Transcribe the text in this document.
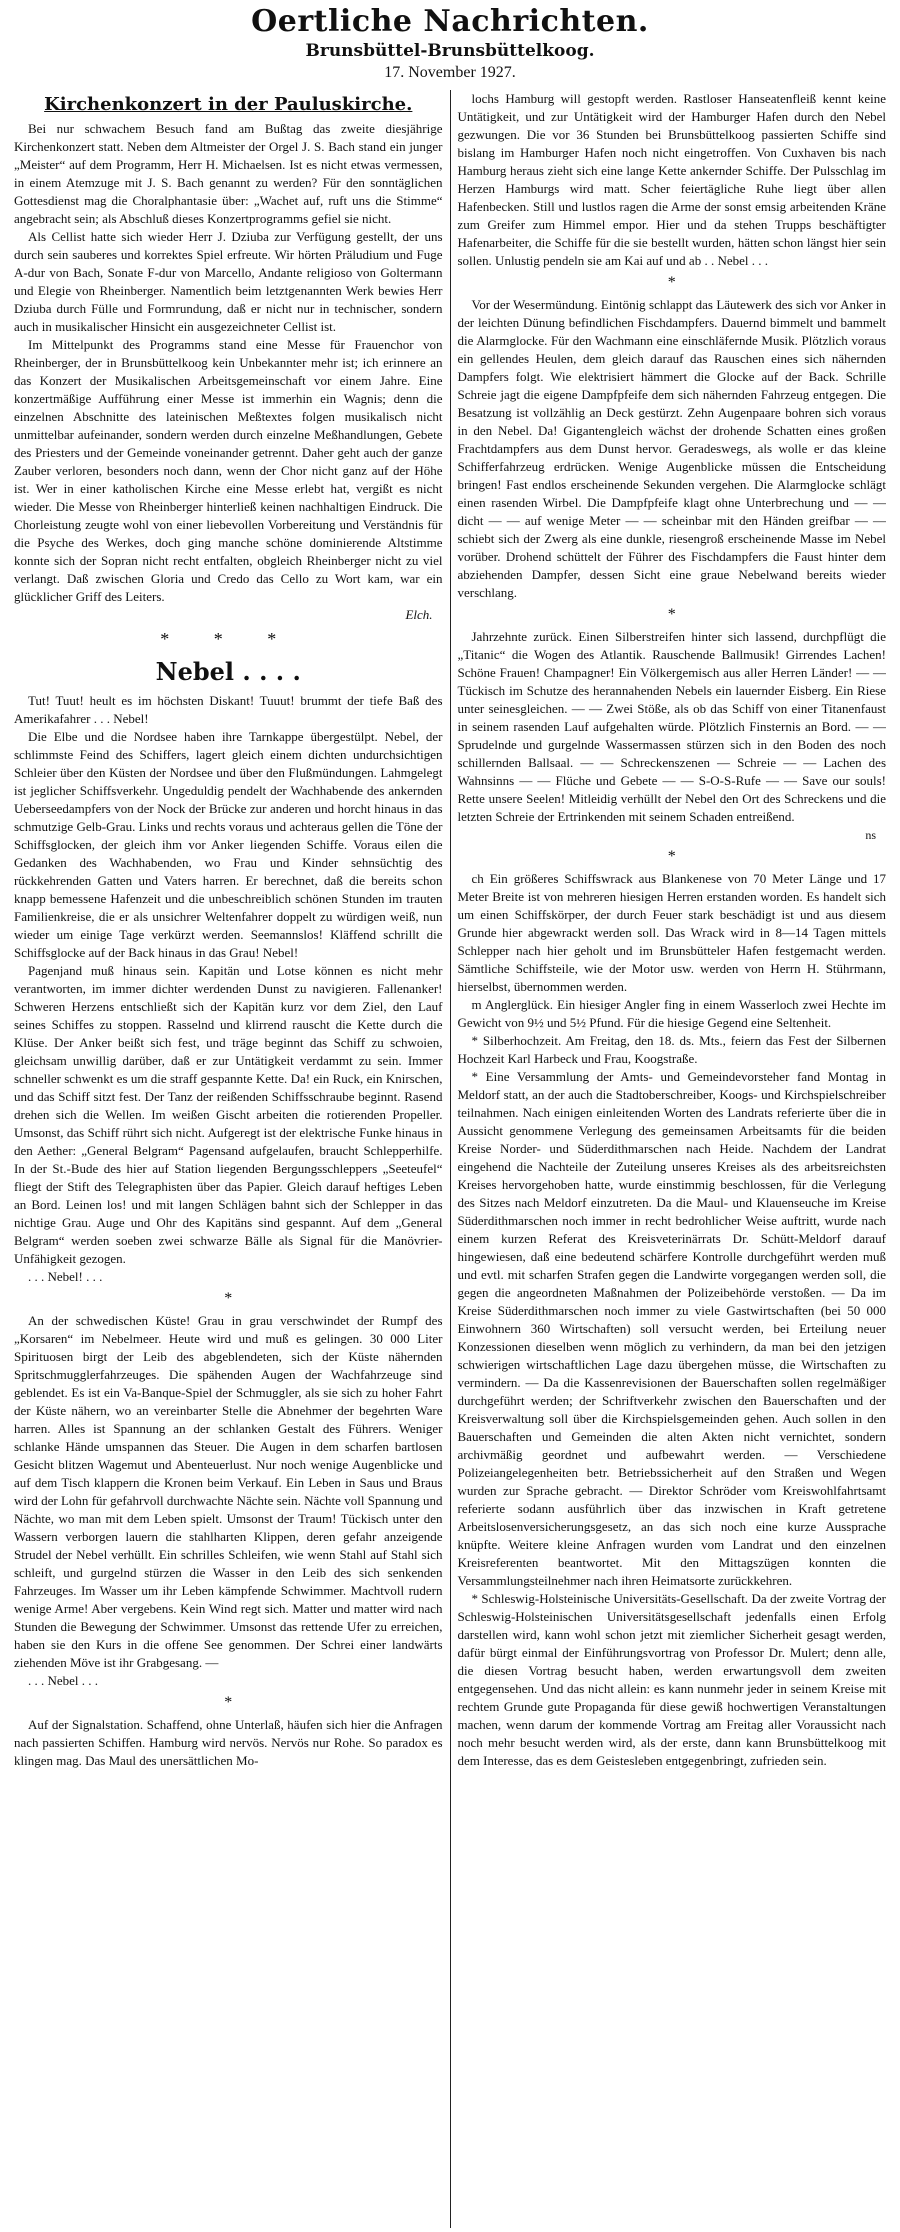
Oertliche Nachrichten.
Brunsbüttel-Brunsbüttelkoog.
17. November 1927.
Kirchenkonzert in der Pauluskirche.

Bei nur schwachem Besuch fand am Bußtag das zweite diesjährige Kirchenkonzert statt. Neben dem Altmeister der Orgel J. S. Bach stand ein junger „Meister“ auf dem Programm, Herr H. Michaelsen. Ist es nicht etwas vermessen, in einem Atemzuge mit J. S. Bach genannt zu werden? Für den sonntäglichen Gottesdienst mag die Choralphantasie über: „Wachet auf, ruft uns die Stimme“ angebracht sein; als Abschluß dieses Konzertprogramms gefiel sie nicht.

Als Cellist hatte sich wieder Herr J. Dziuba zur Verfügung gestellt, der uns durch sein sauberes und korrektes Spiel erfreute. Wir hörten Präludium und Fuge A-dur von Bach, Sonate F-dur von Marcello, Andante religioso von Goltermann und Elegie von Rheinberger. Namentlich beim letztgenannten Werk bewies Herr Dziuba durch Fülle und Formrundung, daß er nicht nur in technischer, sondern auch in musikalischer Hinsicht ein ausgezeichneter Cellist ist.

Im Mittelpunkt des Programms stand eine Messe für Frauenchor von Rheinberger, der in Brunsbüttelkoog kein Unbekannter mehr ist; ich erinnere an das Konzert der Musikalischen Arbeitsgemeinschaft vor einem Jahre. Eine konzertmäßige Aufführung einer Messe ist immerhin ein Wagnis; denn die einzelnen Abschnitte des lateinischen Meßtextes folgen musikalisch nicht unmittelbar aufeinander, sondern werden durch einzelne Meßhandlungen, Gebete des Priesters und der Gemeinde voneinander getrennt. Daher geht auch der ganze Zauber verloren, besonders noch dann, wenn der Chor nicht ganz auf der Höhe ist. Wer in einer katholischen Kirche eine Messe erlebt hat, vergißt es nicht wieder. Die Messe von Rheinberger hinterließ keinen nachhaltigen Eindruck. Die Chorleistung zeugte wohl von einer liebevollen Vorbereitung und Verständnis für die Psyche des Werkes, doch ging manche schöne dominierende Altstimme konnte sich der Sopran nicht recht entfalten, obgleich Rheinberger nicht zu viel verlangt. Daß zwischen Gloria und Credo das Cello zu Wort kam, war ein glücklicher Griff des Leiters.

Elch.
* * *
Nebel . . . .

Tut! Tuut! heult es im höchsten Diskant! Tuuut! brummt der tiefe Baß des Amerikafahrer . . . Nebel!

Die Elbe und die Nordsee haben ihre Tarnkappe übergestülpt. Nebel, der schlimmste Feind des Schiffers, lagert gleich einem dichten undurchsichtigen Schleier über den Küsten der Nordsee und über den Flußmündungen. Lahmgelegt ist jeglicher Schiffsverkehr. Ungeduldig pendelt der Wachhabende des ankernden Ueberseedampfers von der Nock der Brücke zur anderen und horcht hinaus in das schmutzige Gelb-Grau. Links und rechts voraus und achteraus gellen die Töne der Schiffsglocken, der gleich ihm vor Anker liegenden Schiffe. Voraus eilen die Gedanken des Wachhabenden, wo Frau und Kinder sehnsüchtig des rückkehrenden Gatten und Vaters harren. Er berechnet, daß die bereits schon knapp bemessene Hafenzeit und die unbeschreiblich schönen Stunden im trauten Familienkreise, die er als unsichrer Weltenfahrer doppelt zu würdigen weiß, nun wieder um einige Tage verkürzt werden. Seemannslos! Kläffend schrillt die Schiffsglocke auf der Back hinaus in das Grau! Nebel!

Pagenjand muß hinaus sein. Kapitän und Lotse können es nicht mehr verantworten, im immer dichter werdenden Dunst zu navigieren. Fallenanker! Schweren Herzens entschließt sich der Kapitän kurz vor dem Ziel, den Lauf seines Schiffes zu stoppen. Rasselnd und klirrend rauscht die Kette durch die Klüse. Der Anker beißt sich fest, und träge beginnt das Schiff zu schwoien, gleichsam unwillig darüber, daß er zur Untätigkeit verdammt zu sein. Immer schneller schwenkt es um die straff gespannte Kette. Da! ein Ruck, ein Knirschen, und das Schiff sitzt fest. Der Tanz der reißenden Schiffsschraube beginnt. Rasend drehen sich die Wellen. Im weißen Gischt arbeiten die rotierenden Propeller. Umsonst, das Schiff rührt sich nicht. Aufgeregt ist der elektrische Funke hinaus in den Aether: „General Belgram“ Pagensand aufgelaufen, braucht Schlepperhilfe. In der St.-Bude des hier auf Station liegenden Bergungsschleppers „Seeteufel“ fliegt der Stift des Telegraphisten über das Papier. Gleich darauf heftiges Leben an Bord. Leinen los! und mit langen Schlägen bahnt sich der Schlepper in das nichtige Grau. Auge und Ohr des Kapitäns sind gespannt. Auf dem „General Belgram“ werden soeben zwei schwarze Bälle als Signal für die Manövrier-Unfähigkeit gezogen.

. . . Nebel! . . .

*

An der schwedischen Küste! Grau in grau verschwindet der Rumpf des „Korsaren“ im Nebelmeer. Heute wird und muß es gelingen. 30 000 Liter Spirituosen birgt der Leib des abgeblendeten, sich der Küste nähernden Spritschmugglerfahrzeuges. Die spähenden Augen der Wachfahrzeuge sind geblendet. Es ist ein Va-Banque-Spiel der Schmuggler, als sie sich zu hoher Fahrt der Küste nähern, wo an vereinbarter Stelle die Abnehmer der begehrten Ware harren. Alles ist Spannung an der schlanken Gestalt des Führers. Weniger schlanke Hände umspannen das Steuer. Die Augen in dem scharfen bartlosen Gesicht blitzen Wagemut und Abenteuerlust. Nur noch wenige Augenblicke und auf dem Tisch klappern die Kronen beim Verkauf. Ein Leben in Saus und Braus wird der Lohn für gefahrvoll durchwachte Nächte sein. Nächte voll Spannung und Nächte, wo man mit dem Leben spielt. Umsonst der Traum! Tückisch unter den Wassern verborgen lauern die stahlharten Klippen, deren gefahr anzeigende Strudel der Nebel verhüllt. Ein schrilles Schleifen, wie wenn Stahl auf Stahl sich schleift, und gurgelnd stürzen die Wasser in den Leib des sich senkenden Fahrzeuges. Im Wasser um ihr Leben kämpfende Schwimmer. Machtvoll rudern wenige Arme! Aber vergebens. Kein Wind regt sich. Matter und matter wird nach Stunden die Bewegung der Schwimmer. Umsonst das rettende Ufer zu erreichen, haben sie den Kurs in die offene See genommen. Der Schrei einer landwärts ziehenden Möve ist ihr Grabgesang. —

. . . Nebel . . .

*

Auf der Signalstation. Schaffend, ohne Unterlaß, häufen sich hier die Anfragen nach passierten Schiffen. Hamburg wird nervös. Nervös nur Rohe. So paradox es klingen mag. Das Maul des unersättlichen Mo-

lochs Hamburg will gestopft werden. Rastloser Hanseatenfleiß kennt keine Untätigkeit, und zur Untätigkeit wird der Hamburger Hafen durch den Nebel gezwungen. Die vor 36 Stunden bei Brunsbüttelkoog passierten Schiffe sind bislang im Hamburger Hafen noch nicht eingetroffen. Von Cuxhaven bis nach Hamburg heraus zieht sich eine lange Kette ankernder Schiffe. Der Pulsschlag im Herzen Hamburgs wird matt. Scher feiertägliche Ruhe liegt über allen Hafenbecken. Still und lustlos ragen die Arme der sonst emsig arbeitenden Kräne zum Greifer zum Himmel empor. Hier und da stehen Trupps beschäftigter Hafenarbeiter, die Schiffe für die sie bestellt wurden, hätten schon längst hier sein sollen. Unlustig pendeln sie am Kai auf und ab . . Nebel . . .

*

Vor der Wesermündung. Eintönig schlappt das Läutewerk des sich vor Anker in der leichten Dünung befindlichen Fischdampfers. Dauernd bimmelt und bammelt die Alarmglocke. Für den Wachmann eine einschläfernde Musik. Plötzlich voraus ein gellendes Heulen, dem gleich darauf das Rauschen eines sich nähernden Dampfers folgt. Wie elektrisiert hämmert die Glocke auf der Back. Schrille Schreie jagt die eigene Dampfpfeife dem sich nähernden Fahrzeug entgegen. Die Besatzung ist vollzählig an Deck gestürzt. Zehn Augenpaare bohren sich voraus in den Nebel. Da! Gigantengleich wächst der drohende Schatten eines großen Frachtdampfers aus dem Dunst hervor. Geradeswegs, als wolle er das kleine Schifferfahrzeug erdrücken. Wenige Augenblicke müssen die Entscheidung bringen! Fast endlos erscheinende Sekunden vergehen. Die Alarmglocke schlägt einen rasenden Wirbel. Die Dampfpfeife klagt ohne Unterbrechung und — — dicht — — auf wenige Meter — — scheinbar mit den Händen greifbar — — schiebt sich der Zwerg als eine dunkle, riesengroß erscheinende Masse im Nebel vorüber. Drohend schüttelt der Führer des Fischdampfers die Faust hinter dem abziehenden Dampfer, dessen Sicht eine graue Nebelwand bereits wieder verschlang.

*

Jahrzehnte zurück. Einen Silberstreifen hinter sich lassend, durchpflügt die „Titanic“ die Wogen des Atlantik. Rauschende Ballmusik! Girrendes Lachen! Schöne Frauen! Champagner! Ein Völkergemisch aus aller Herren Länder! — — Tückisch im Schutze des herannahenden Nebels ein lauernder Eisberg. Ein Riese unter seinesgleichen. — — Zwei Stöße, als ob das Schiff von einer Titanenfaust in seinem rasenden Lauf aufgehalten würde. Plötzlich Finsternis an Bord. — — Sprudelnde und gurgelnde Wassermassen stürzen sich in den Boden des noch schillernden Ballsaal. — — Schreckenszenen — Schreie — — Lachen des Wahnsinns — — Flüche und Gebete — — S-O-S-Rufe — — Save our souls! Rette unsere Seelen! Mitleidig verhüllt der Nebel den Ort des Schreckens und die letzten Schreie der Ertrinkenden mit seinem Schaden entreißend.

ns
*

ch Ein größeres Schiffswrack aus Blankenese von 70 Meter Länge und 17 Meter Breite ist von mehreren hiesigen Herren erstanden worden. Es handelt sich um einen Schiffskörper, der durch Feuer stark beschädigt ist und aus diesem Grunde hier abgewrackt werden soll. Das Wrack wird in 8—14 Tagen mittels Schlepper nach hier geholt und im Brunsbütteler Hafen festgemacht werden. Sämtliche Schiffsteile, wie der Motor usw. werden von Herrn H. Stührmann, hierselbst, übernommen werden.

m Anglerglück. Ein hiesiger Angler fing in einem Wasserloch zwei Hechte im Gewicht von 9½ und 5½ Pfund. Für die hiesige Gegend eine Seltenheit.

* Silberhochzeit. Am Freitag, den 18. ds. Mts., feiern das Fest der Silbernen Hochzeit Karl Harbeck und Frau, Koogstraße.

* Eine Versammlung der Amts- und Gemeindevorsteher fand Montag in Meldorf statt, an der auch die Stadtoberschreiber, Koogs- und Kirchspielschreiber teilnahmen. Nach einigen einleitenden Worten des Landrats referierte über die in Aussicht genommene Verlegung des gemeinsamen Arbeitsamts für die beiden Kreise Norder- und Süderdithmarschen nach Heide. Nachdem der Landrat eingehend die Nachteile der Zuteilung unseres Kreises als des arbeitsreichsten Kreises hervorgehoben hatte, wurde einstimmig beschlossen, für die Verlegung des Sitzes nach Meldorf einzutreten. Da die Maul- und Klauenseuche im Kreise Süderdithmarschen noch immer in recht bedrohlicher Weise auftritt, wurde nach einem kurzen Referat des Kreisveterinärrats Dr. Schütt-Meldorf darauf hingewiesen, daß eine bedeutend schärfere Kontrolle durchgeführt werden muß und evtl. mit scharfen Strafen gegen die Landwirte vorgegangen werden soll, die gegen die angeordneten Maßnahmen der Polizeibehörde verstoßen. — Da im Kreise Süderdithmarschen noch immer zu viele Gastwirtschaften (bei 50 000 Einwohnern 360 Wirtschaften) soll versucht werden, bei Erteilung neuer Konzessionen dieselben wenn möglich zu verhindern, da man bei den jetzigen schwierigen wirtschaftlichen Lage dazu übergehen müsse, die Wirtschaften zu vermindern. — Da die Kassenrevisionen der Bauerschaften sollen regelmäßiger durchgeführt werden; der Schriftverkehr zwischen den Bauerschaften und der Kreisverwaltung soll über die Kirchspielsgemeinden gehen. Auch sollen in den Bauerschaften und Gemeinden die alten Akten nicht vernichtet, sondern archivmäßig geordnet und aufbewahrt werden. — Verschiedene Polizeiangelegenheiten betr. Betriebssicherheit auf den Straßen und Wegen wurden zur Sprache gebracht. — Direktor Schröder vom Kreiswohlfahrtsamt referierte sodann ausführlich über das inzwischen in Kraft getretene Arbeitslosenversicherungsgesetz, an das sich noch eine kurze Aussprache knüpfte. Weitere kleine Anfragen wurden vom Landrat und den einzelnen Kreisreferenten beantwortet. Mit den Mittagszügen konnten die Versammlungsteilnehmer nach ihren Heimatsorte zurückkehren.

* Schleswig-Holsteinische Universitäts-Gesellschaft. Da der zweite Vortrag der Schleswig-Holsteinischen Universitätsgesellschaft jedenfalls einen Erfolg darstellen wird, kann wohl schon jetzt mit ziemlicher Sicherheit gesagt werden, dafür bürgt einmal der Einführungsvortrag von Professor Dr. Mulert; denn alle, die diesen Vortrag besucht haben, werden erwartungsvoll dem zweiten entgegensehen. Und das nicht allein: es kann nunmehr jeder in seinem Kreise mit rechtem Grunde gute Propaganda für diese gewiß hochwertigen Veranstaltungen machen, wenn darum der kommende Vortrag am Freitag aller Voraussicht nach noch mehr besucht werden wird, als der erste, dann kann Brunsbüttelkoog mit dem Interesse, das es dem Geistesleben entgegenbringt, zufrieden sein.
